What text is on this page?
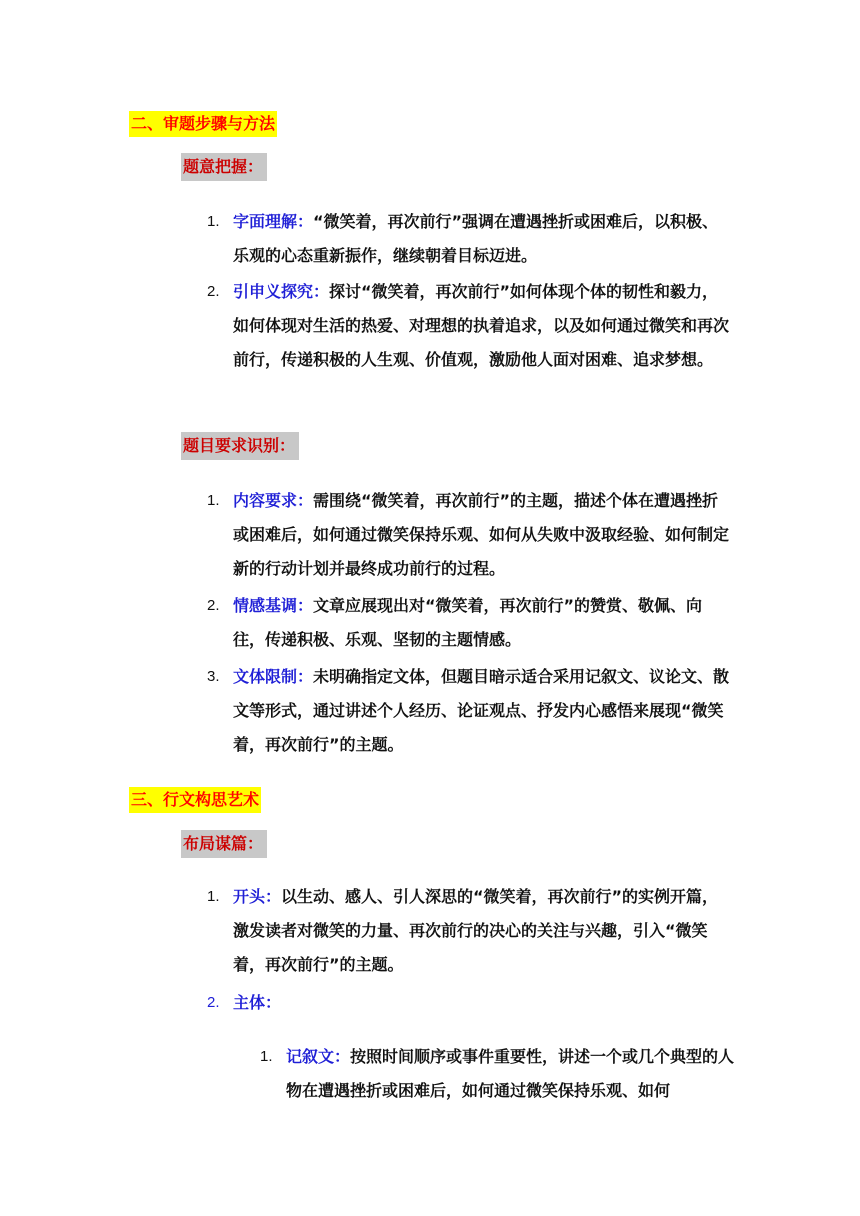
二、审题步骤与方法
题意把握：
1. 字面理解：“微笑着，再次前行”强调在遭遇挫折或困难后，以积极、乐观的心态重新振作，继续朝着目标迈进。
2. 引申义探究：探讨“微笑着，再次前行”如何体现个体的韧性和毅力，如何体现对生活的热爱、对理想的执着追求，以及如何通过微笑和再次前行，传递积极的人生观、价值观，激励他人面对困难、追求梦想。
题目要求识别：
1. 内容要求：需围绕“微笑着，再次前行”的主题，描述个体在遭遇挫折或困难后，如何通过微笑保持乐观、如何从失败中汲取经验、如何制定新的行动计划并最终成功前行的过程。
2. 情感基调：文章应展现出对“微笑着，再次前行”的赞赏、敬佩、向往，传递积极、乐观、坚韧的主题情感。
3. 文体限制：未明确指定文体，但题目暗示适合采用记叙文、议论文、散文等形式，通过讲述个人经历、论证观点、抒发内心感悟来展现“微笑着，再次前行”的主题。
三、行文构思艺术
布局谋篇：
1. 开头：以生动、感人、引人深思的“微笑着，再次前行”的实例开篇，激发读者对微笑的力量、再次前行的决心的关注与兴趣，引入“微笑着，再次前行”的主题。
2. 主体：
1. 记叙文：按照时间顺序或事件重要性，讲述一个或几个典型的人物在遭遇挫折或困难后，如何通过微笑保持乐观、如何
